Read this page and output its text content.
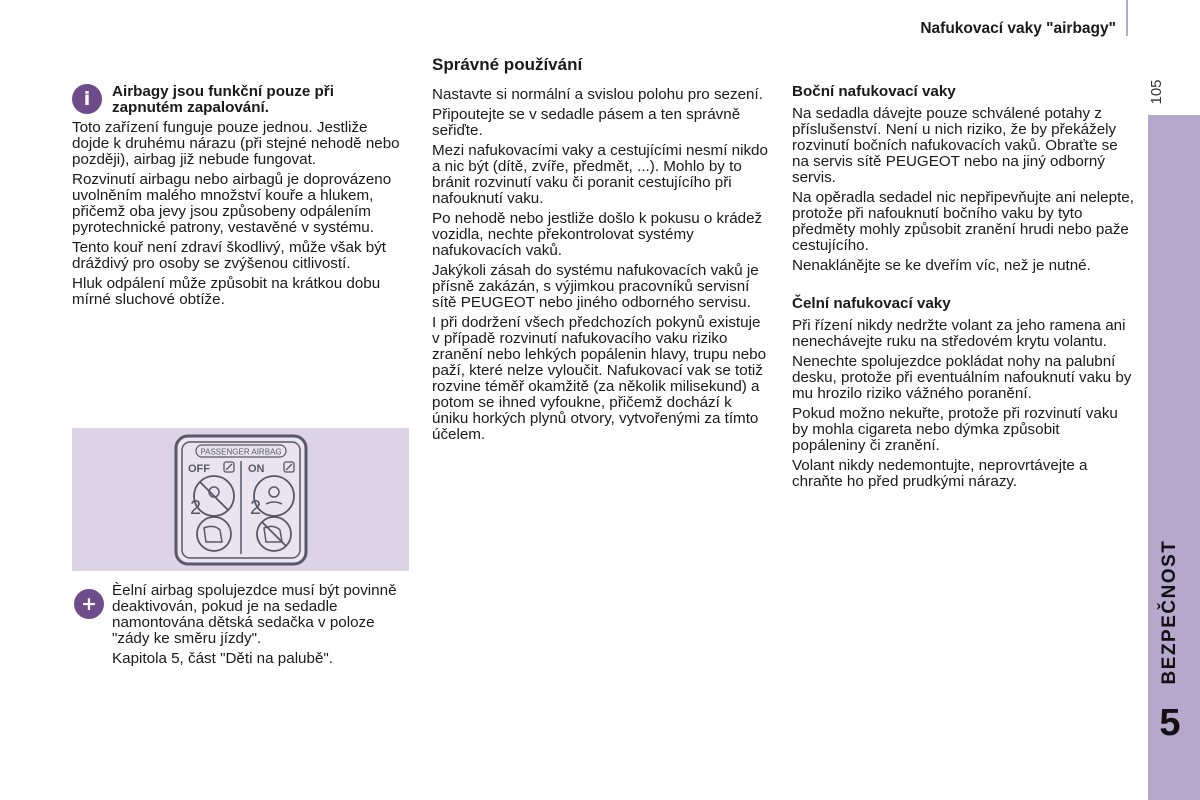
Nafukovací vaky "airbagy"
105
BEZPEČNOST
5
i	Airbagy jsou funkční pouze při zapnutém zapalování.

Toto zařízení funguje pouze jednou. Jestliže dojde k druhému nárazu (při stejné nehodě nebo později), airbag již nebude fungovat.

Rozvinutí airbagu nebo airbagů je doprovázeno uvolněním malého množství kouře a hlukem, přičemž oba jevy jsou způsobeny odpálením pyrotechnické patrony, vestavěné v systému.

Tento kouř není zdraví škodlivý, může však být dráždivý pro osoby se zvýšenou citlivostí.

Hluk odpálení může způsobit na krátkou dobu mírné sluchové obtíže.

PASSENGER AIRBAG
OFF	ON
2 2
+

Èelní airbag spolujezdce musí být povinně deaktivován, pokud je na sedadle namontována dětská sedačka v poloze "zády ke směru jízdy".

Kapitola 5, část "Děti na palubě".

Správné používání

Nastavte si normální a svislou polohu pro sezení.

Připoutejte se v sedadle pásem a ten správně seřiďte.

Mezi nafukovacími vaky a cestujícími nesmí nikdo a nic být (dítě, zvíře, předmět, ...). Mohlo by to bránit rozvinutí vaku či poranit cestujícího při nafouknutí vaku.

Po nehodě nebo jestliže došlo k pokusu o krádež vozidla, nechte překontrolovat systémy nafukovacích vaků.

Jakýkoli zásah do systému nafukovacích vaků je přísně zakázán, s výjimkou pracovníků servisní sítě PEUGEOT nebo jiného odborného servisu.

I při dodržení všech předchozích pokynů existuje v případě rozvinutí nafukovacího vaku riziko zranění nebo lehkých popálenin hlavy, trupu nebo paží, které nelze vyloučit. Nafukovací vak se totiž rozvine téměř okamžitě (za několik milisekund) a potom se ihned vyfoukne, přičemž dochází k úniku horkých plynů otvory, vytvořenými za tímto účelem.

Boční nafukovací vaky

Na sedadla dávejte pouze schválené potahy z příslušenství. Není u nich riziko, že by překážely rozvinutí bočních nafukovacích vaků. Obraťte se na servis sítě PEUGEOT nebo na jiný odborný servis.

Na opěradla sedadel nic nepřipevňujte ani nelepte, protože při nafouknutí bočního vaku by tyto předměty mohly způsobit zranění hrudi nebo paže cestujícího.

Nenaklánějte se ke dveřím víc, než je nutné.

Čelní nafukovací vaky

Při řízení nikdy nedržte volant za jeho ramena ani nenechávejte ruku na středovém krytu volantu.

Nenechte spolujezdce pokládat nohy na palubní desku, protože při eventuálním nafouknutí vaku by mu hrozilo riziko vážného poranění.

Pokud možno nekuřte, protože při rozvinutí vaku by mohla cigareta nebo dýmka způsobit popáleniny či zranění.

Volant nikdy nedemontujte, neprovrtávejte a chraňte ho před prudkými nárazy.
